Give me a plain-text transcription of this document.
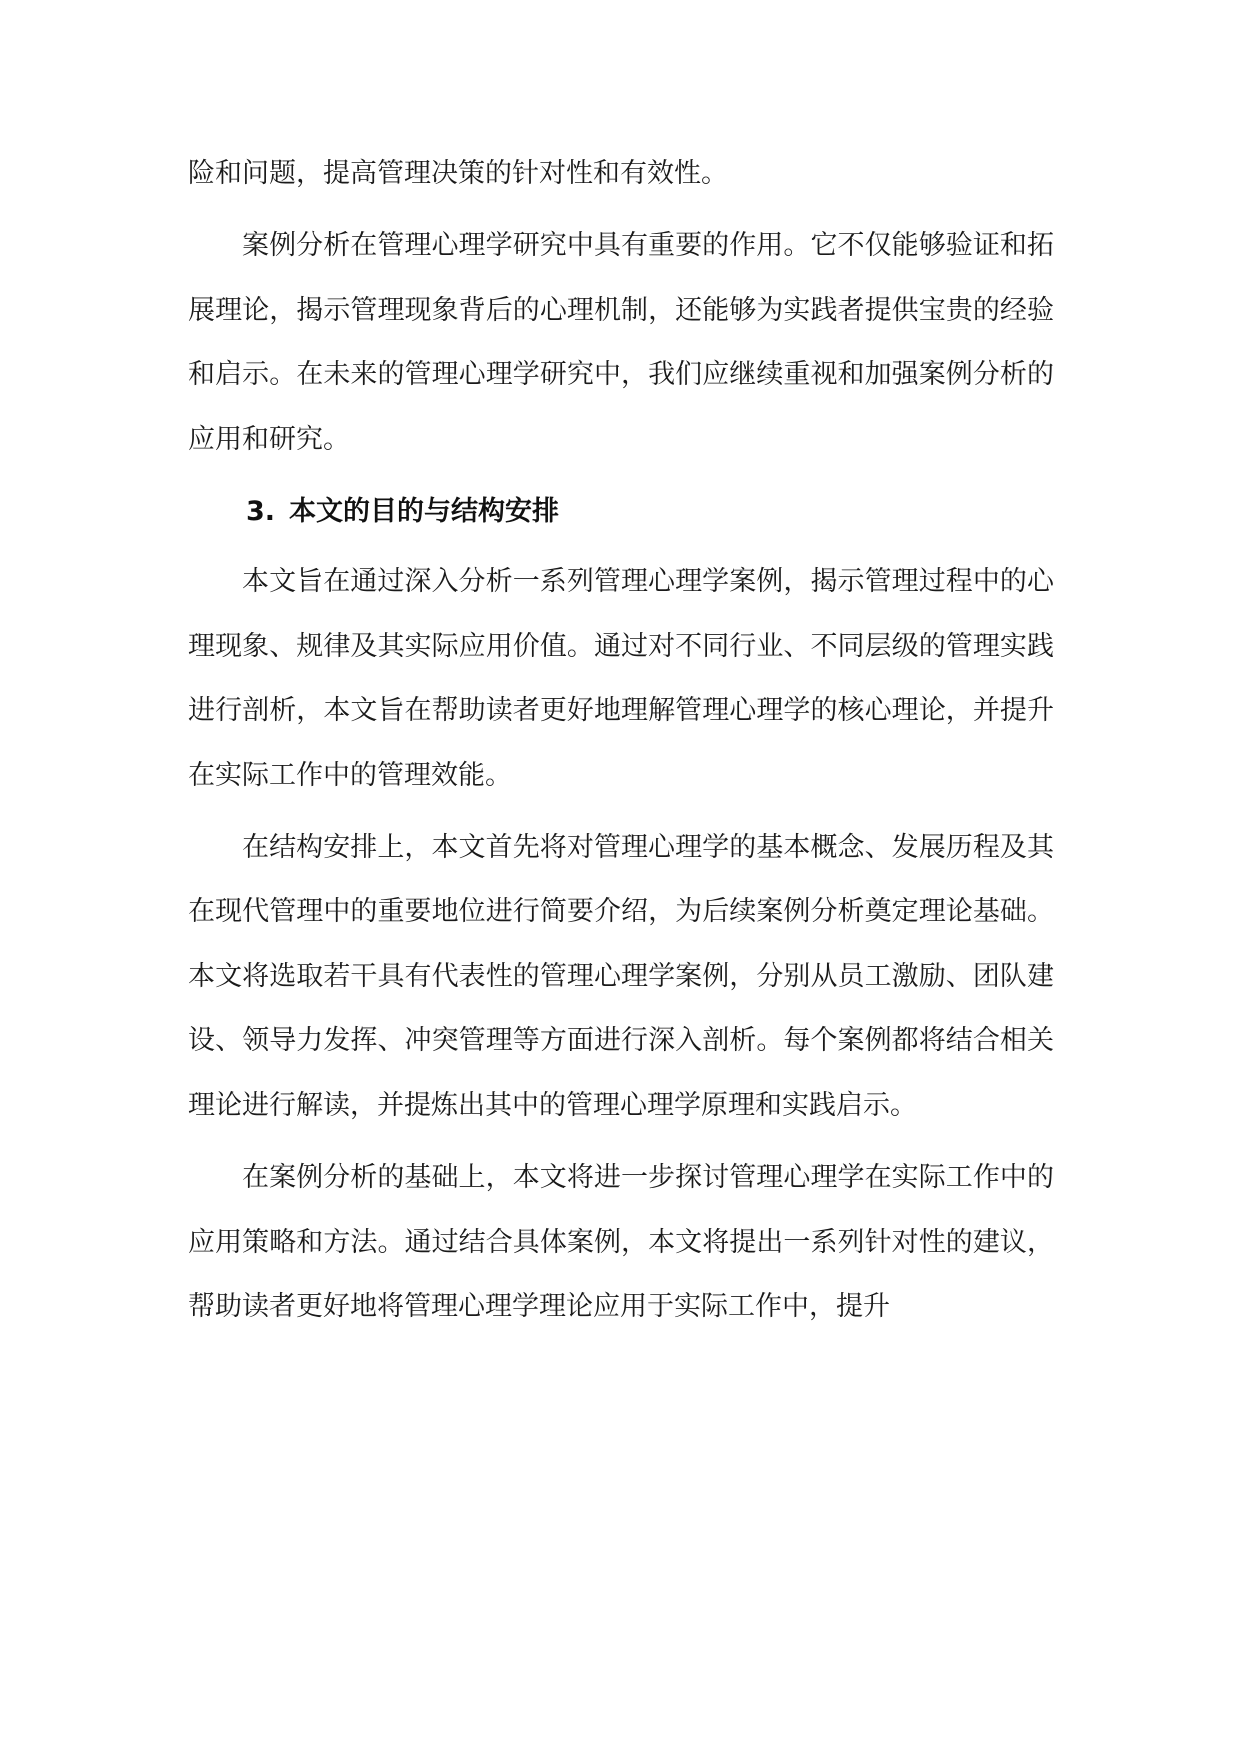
险和问题，提高管理决策的针对性和有效性。

案例分析在管理心理学研究中具有重要的作用。它不仅能够验证和拓展理论，揭示管理现象背后的心理机制，还能够为实践者提供宝贵的经验和启示。在未来的管理心理学研究中，我们应继续重视和加强案例分析的应用和研究。

3. 本文的目的与结构安排

本文旨在通过深入分析一系列管理心理学案例，揭示管理过程中的心理现象、规律及其实际应用价值。通过对不同行业、不同层级的管理实践进行剖析，本文旨在帮助读者更好地理解管理心理学的核心理论，并提升在实际工作中的管理效能。

在结构安排上，本文首先将对管理心理学的基本概念、发展历程及其在现代管理中的重要地位进行简要介绍，为后续案例分析奠定理论基础。本文将选取若干具有代表性的管理心理学案例，分别从员工激励、团队建设、领导力发挥、冲突管理等方面进行深入剖析。每个案例都将结合相关理论进行解读，并提炼出其中的管理心理学原理和实践启示。

在案例分析的基础上，本文将进一步探讨管理心理学在实际工作中的应用策略和方法。通过结合具体案例，本文将提出一系列针对性的建议，帮助读者更好地将管理心理学理论应用于实际工作中，提升
